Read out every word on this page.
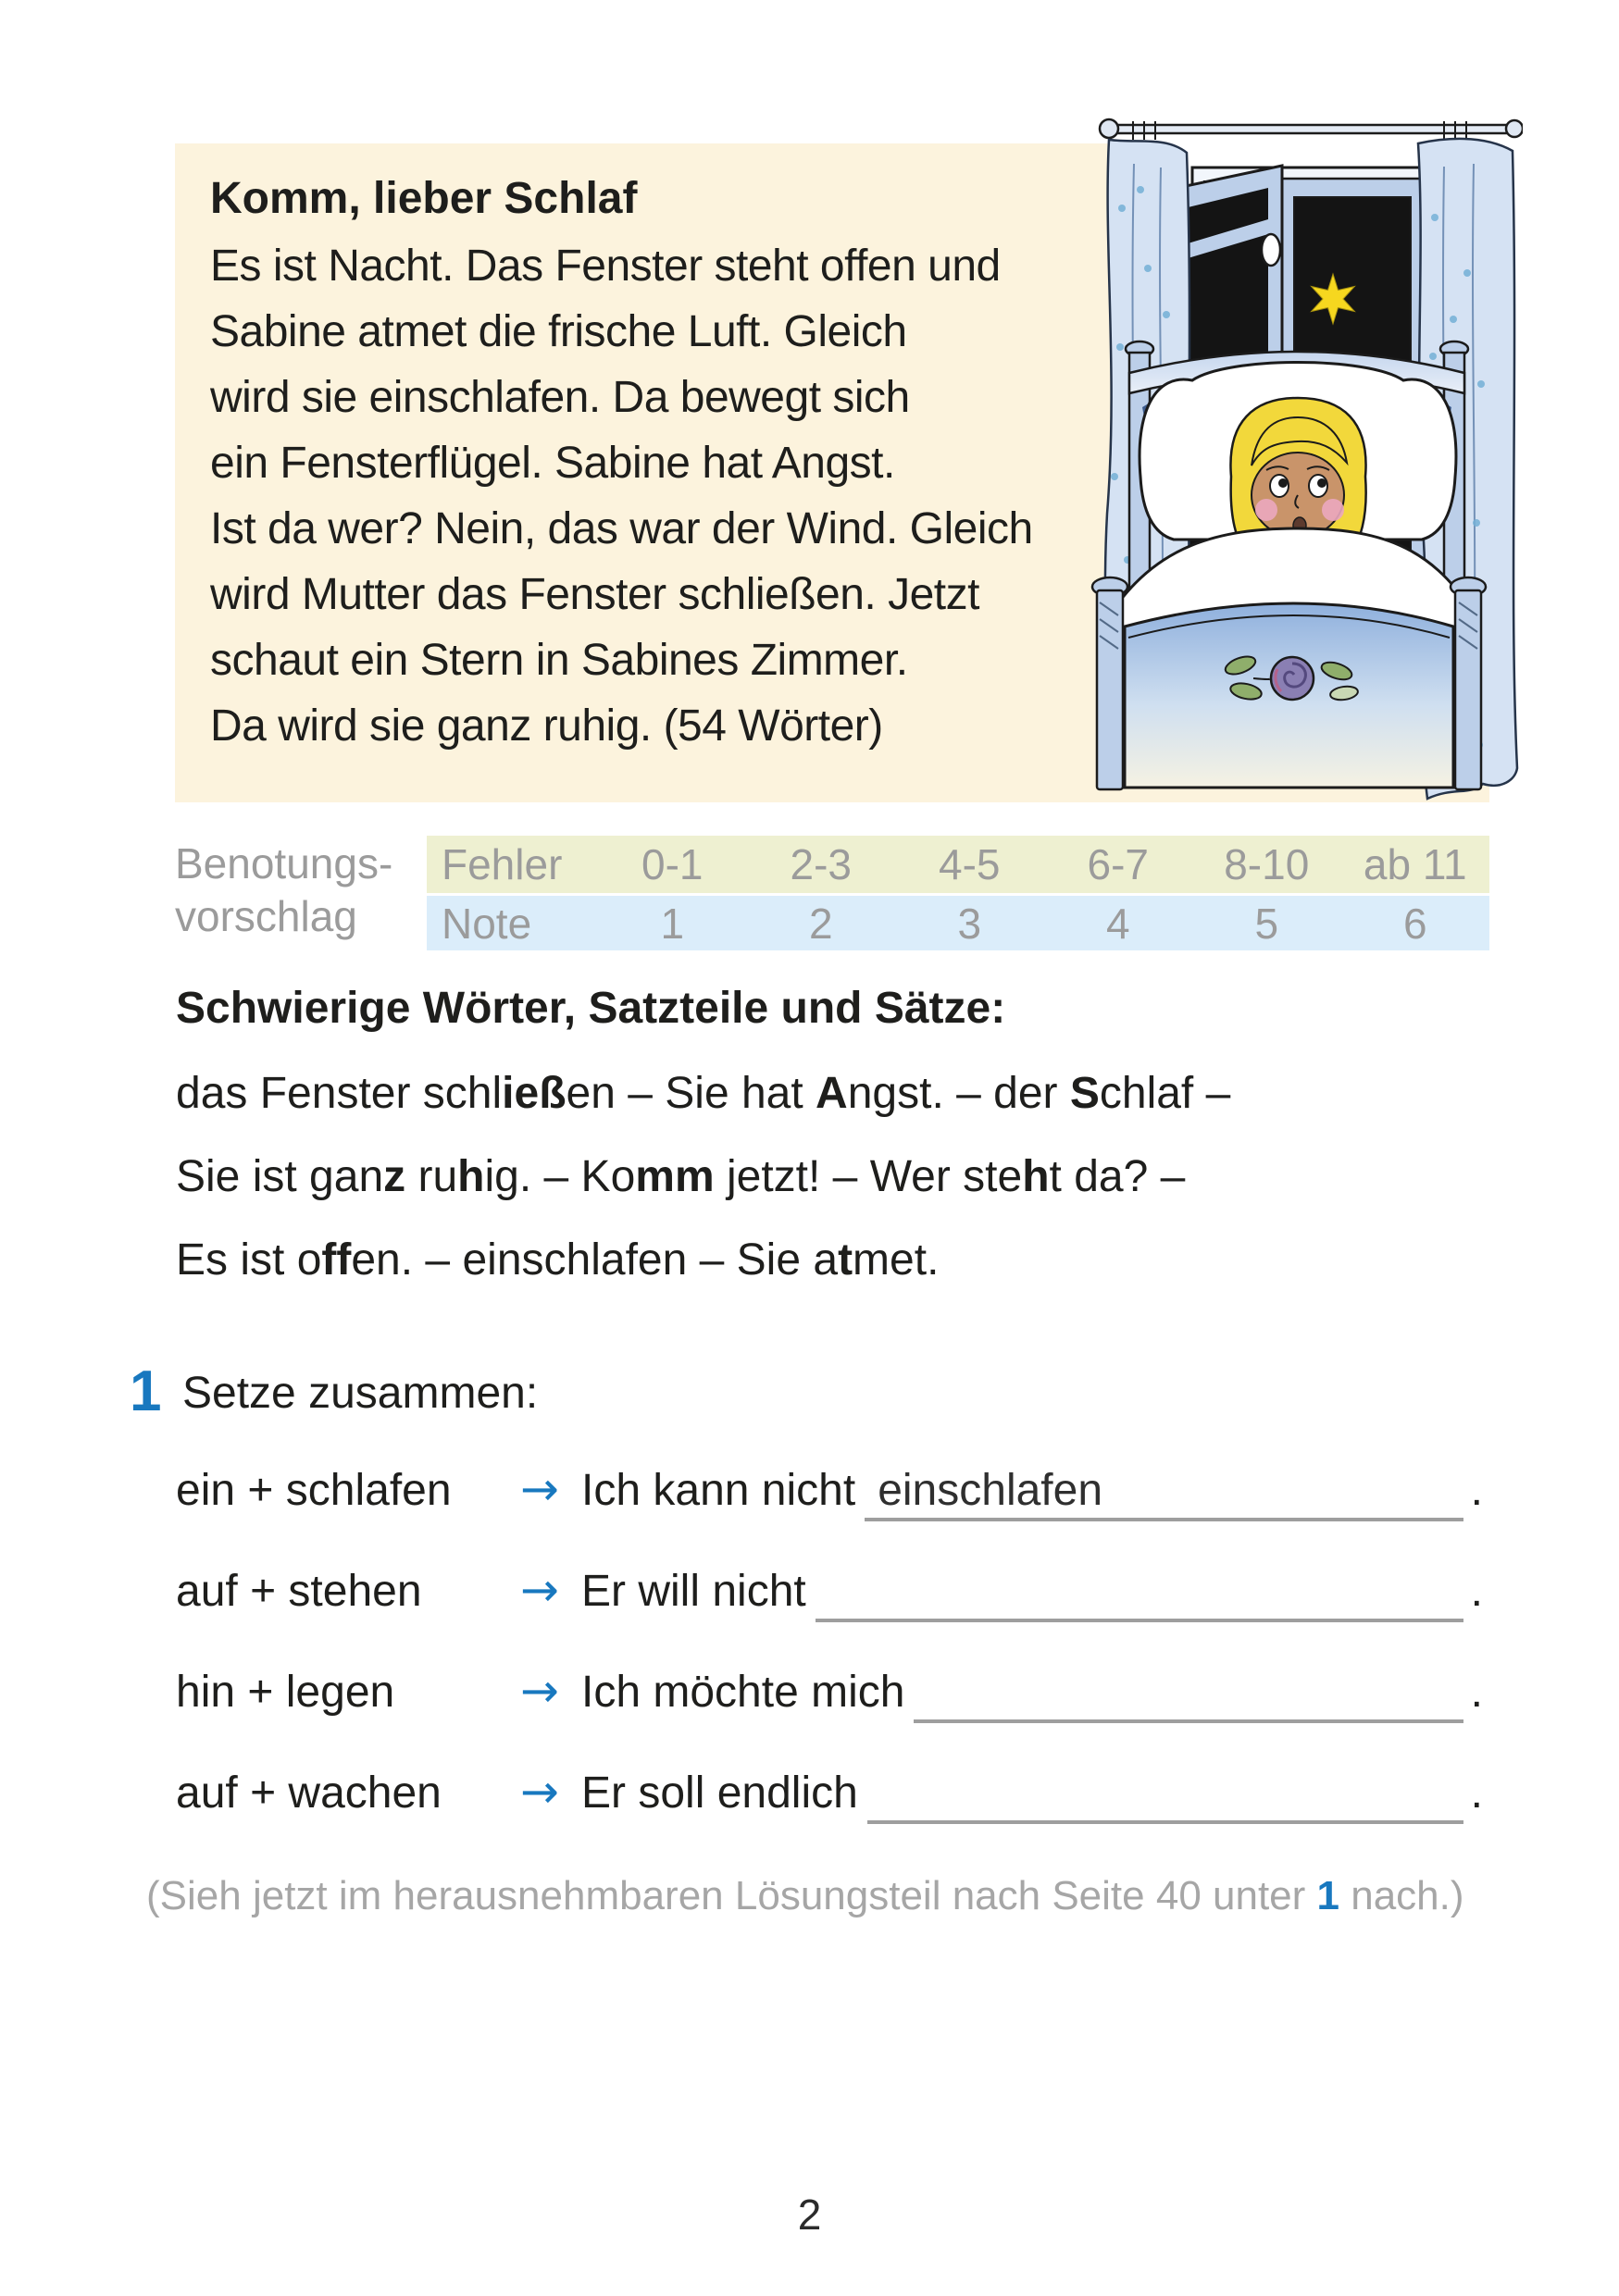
Komm, lieber Schlaf

Es ist Nacht. Das Fenster steht offen und

Sabine atmet die frische Luft. Gleich

wird sie einschlafen. Da bewegt sich

ein Fensterflügel. Sabine hat Angst.

Ist da wer? Nein, das war der Wind. Gleich

wird Mutter das Fenster schließen. Jetzt

schaut ein Stern in Sabines Zimmer.

Da wird sie ganz ruhig. (54 Wörter)

Benotungs-
vorschlag
Fehler	0-1	2-3	4-5	6-7	8-10	ab 11
Note	1	2	3	4	5	6
Schwierige Wörter, Satzteile und Sätze:

das Fenster schließen – Sie hat Angst. – der Schlaf –

Sie ist ganz ruhig. – Komm jetzt! – Wer steht da? –

Es ist offen. – einschlafen – Sie atmet.

1 Setze zusammen:
ein + schlafen	→ Ich kann nicht einschlafen ​	.
auf + stehen	→ Er will nicht	.
hin + legen	→ Ich möchte mich	.
auf + wachen	→ Er soll endlich	.

(Sieh jetzt im herausnehmbaren Lösungsteil nach Seite 40 unter 1 nach.)

2
